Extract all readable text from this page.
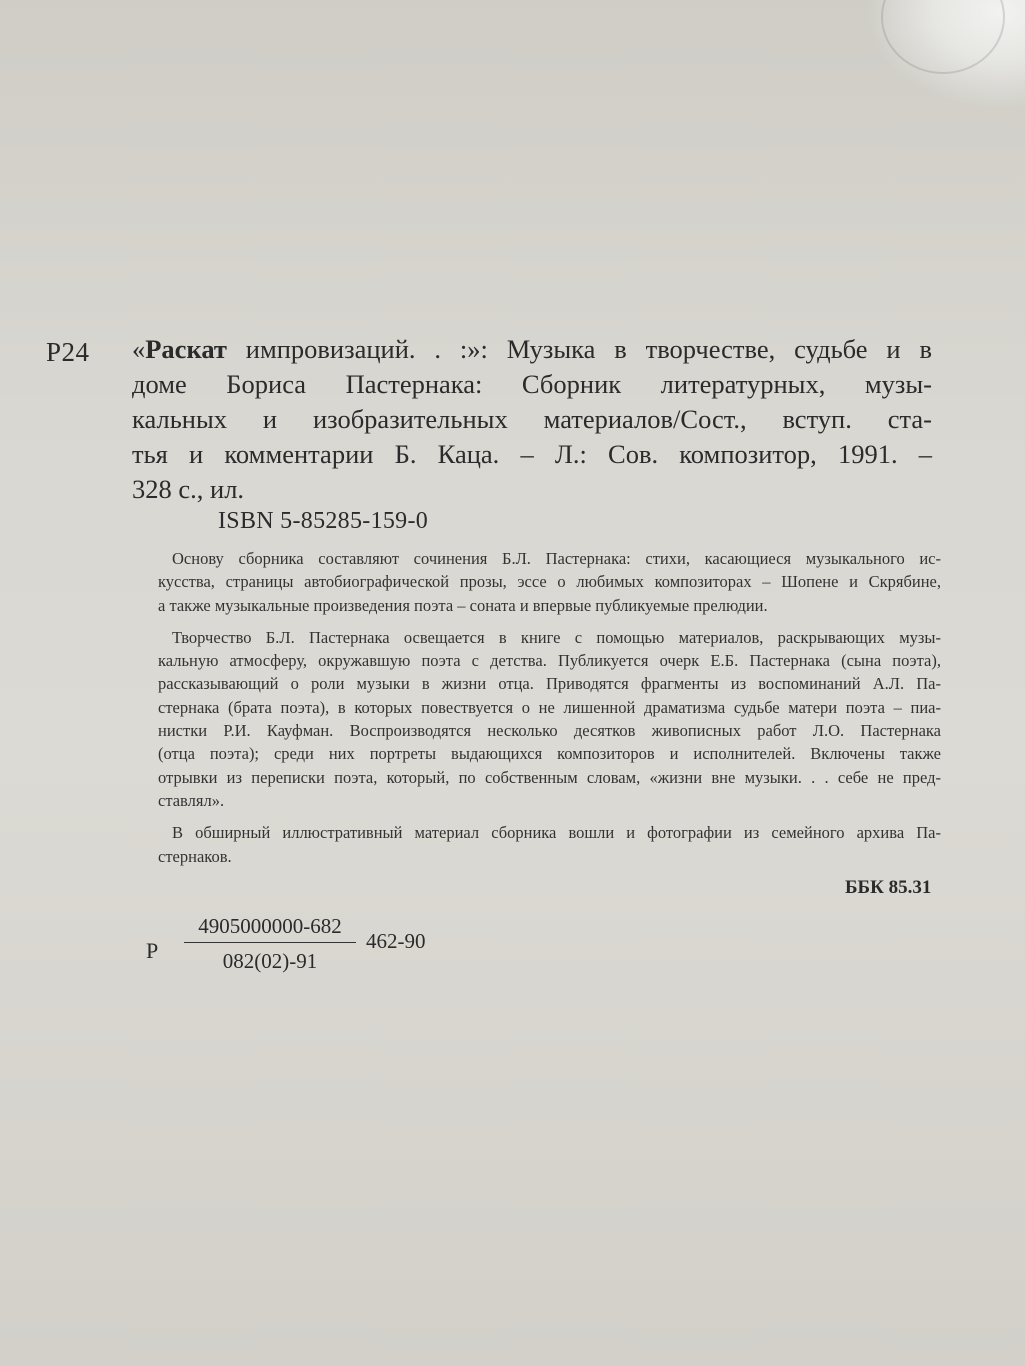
Р24 «Раскат импровизаций. . :»: Музыка в творчестве, судьбе и в
доме Бориса Пастернака: Сборник литературных, музы-
кальных и изобразительных материалов/Сост., вступ. ста-
тья и комментарии Б. Каца. – Л.: Сов. композитор, 1991. –
328 с., ил.
ISBN 5-85285-159-0
Основу сборника составляют сочинения Б.Л. Пастернака: стихи, касающиеся музыкального ис-
кусства, страницы автобиографической прозы, эссе о любимых композиторах – Шопене и Скрябине,
а также музыкальные произведения поэта – соната и впервые публикуемые прелюдии.
Творчество Б.Л. Пастернака освещается в книге с помощью материалов, раскрывающих музы-
кальную атмосферу, окружавшую поэта с детства. Публикуется очерк Е.Б. Пастернака (сына поэта),
рассказывающий о роли музыки в жизни отца. Приводятся фрагменты из воспоминаний А.Л. Па-
стернака (брата поэта), в которых повествуется о не лишенной драматизма судьбе матери поэта – пиа-
нистки Р.И. Кауфман. Воспроизводятся несколько десятков живописных работ Л.О. Пастернака
(отца поэта); среди них портреты выдающихся композиторов и исполнителей. Включены также
отрывки из переписки поэта, который, по собственным словам, «жизни вне музыки. . . себе не пред-
ставлял».
В обширный иллюстративный материал сборника вошли и фотографии из семейного архива Па-
стернаков.
ББК 85.31
Р $\frac{4905000000-682}{082(02)-91} 462-90$
